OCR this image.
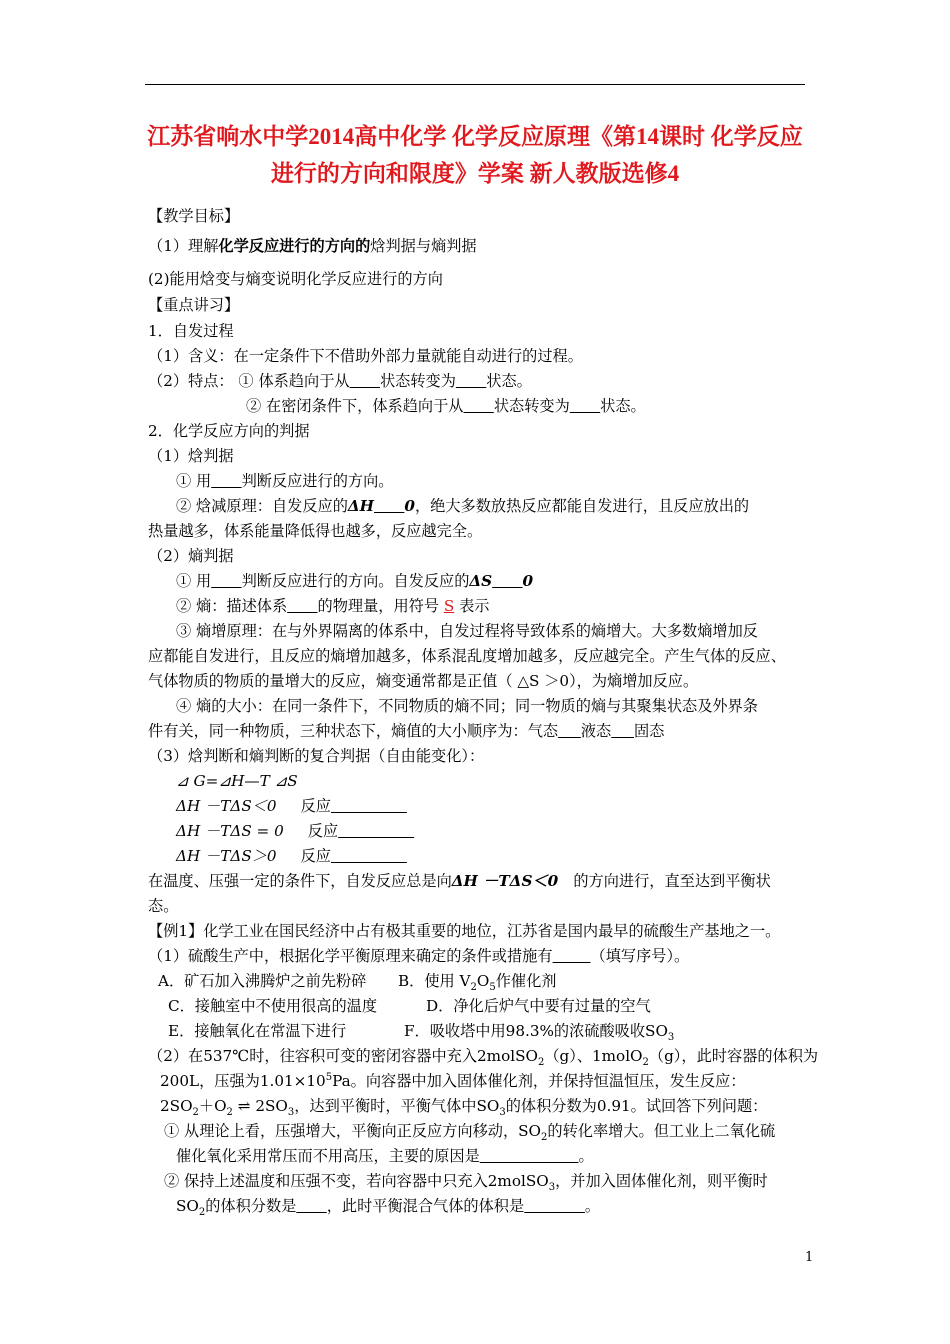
江苏省响水中学2014高中化学 化学反应原理《第14课时 化学反应
进行的方向和限度》学案 新人教版选修4
【教学目标】
（1）理解化学反应进行的方向的焓判据与熵判据
(2)能用焓变与熵变说明化学反应进行的方向
【重点讲习】
1．自发过程
（1）含义：在一定条件下不借助外部力量就能自动进行的过程。
（2）特点： ① 体系趋向于从   状态转变为   状态。
② 在密闭条件下，体系趋向于从   状态转变为   状态。
2．化学反应方向的判据
（1）焓判据
① 用   判断反应进行的方向。
② 焓减原理：自发反应的ΔH   0，绝大多数放热反应都能自发进行，且反应放出的
热量越多，体系能量降低得也越多，反应越完全。
（2）熵判据
① 用   判断反应进行的方向。自发反应的ΔS   0
② 熵：描述体系   的物理量，用符号 S 表示
③ 熵增原理：在与外界隔离的体系中，自发过程将导致体系的熵增大。大多数熵增加反
应都能自发进行，且反应的熵增加越多，体系混乱度增加越多，反应越完全。产生气体的反应、
气体物质的物质的量增大的反应，熵变通常都是正值（ △S ＞0），为熵增加反应。
④ 熵的大小：在同一条件下，不同物质的熵不同；同一物质的熵与其聚集状态及外界条
件有关，同一种物质，三种状态下，熵值的大小顺序为：气态   液态   固态
（3）焓判断和熵判断的复合判据（自由能变化）：
⊿ G=⊿H—T ⊿S
ΔH －TΔS＜0 反应     
ΔH －TΔS = 0 反应     
ΔH －TΔS＞0 反应     
在温度、压强一定的条件下，自发反应总是向ΔH －TΔS＜0  的方向进行，直至达到平衡状
态。
【例1】化学工业在国民经济中占有极其重要的地位，江苏省是国内最早的硫酸生产基地之一。
（1）硫酸生产中，根据化学平衡原理来确定的条件或措施有    （填写序号）。
A．矿石加入沸腾炉之前先粉碎 B．使用 $V_2O_5$作催化剂
C．接触室中不使用很高的温度	D．净化后炉气中要有过量的空气
E．接触氧化在常温下进行	F．吸收塔中用98.3%的浓硫酸吸收$SO_3$
（2）在537℃时，往容积可变的密闭容器中充入2molSO$_2$（g）、1molO$_2$（g），此时容器的体积为
200L，压强为$1.01\times 10^5Pa$。向容器中加入固体催化剂，并保持恒温恒压，发生反应：
$2SO_2+O_2$ ⇌ $2SO_3$，达到平衡时，平衡气体中$SO_3$的体积分数为0.91。试回答下列问题：
① 从理论上看，压强增大，平衡向正反应方向移动，$SO_2$的转化率增大。但工业上二氧化硫
催化氧化采用常压而不用高压，主要的原因是       	。
② 保持上述温度和压强不变，若向容器中只充入2molSO$_3$，并加入固体催化剂，则平衡时
$SO_2$的体积分数是   ，此时平衡混合气体的体积是    	。
1
